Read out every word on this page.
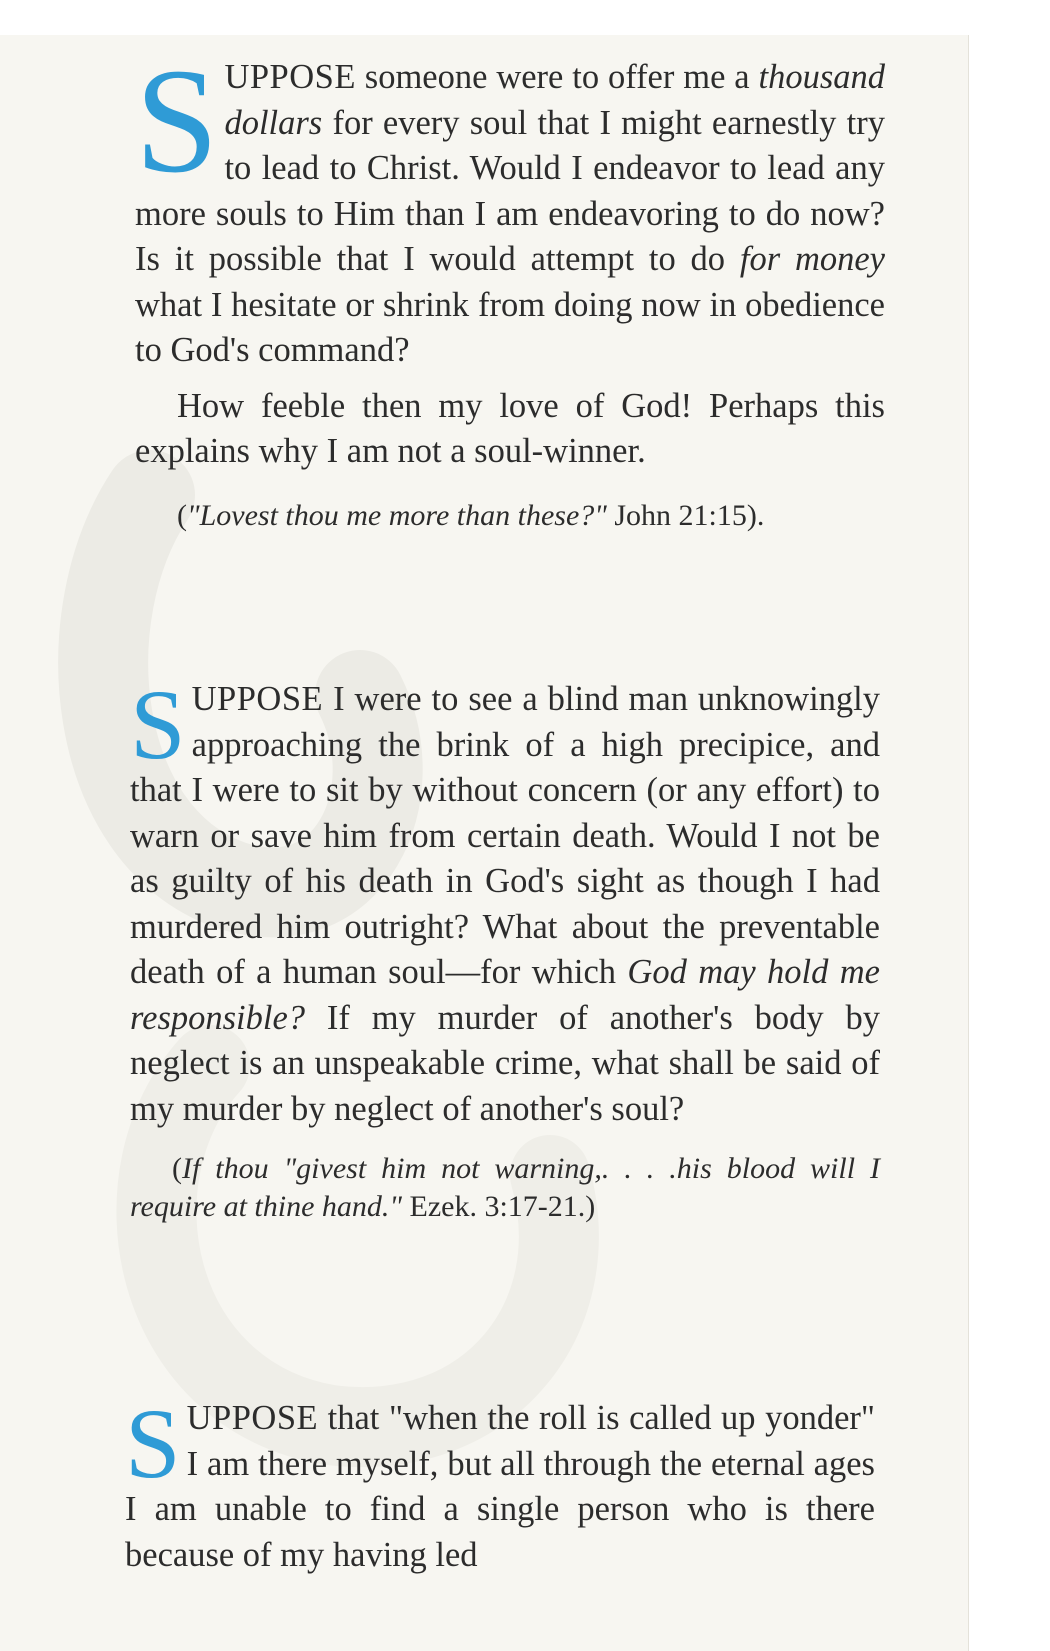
SUPPOSE someone were to offer me a thousand dollars for every soul that I might earnestly try to lead to Christ. Would I endeavor to lead any more souls to Him than I am endeavoring to do now? Is it possible that I would attempt to do for money what I hesitate or shrink from doing now in obedience to God's command?

How feeble then my love of God! Perhaps this explains why I am not a soul-winner.

("Lovest thou me more than these?" John 21:15).

SUPPOSE I were to see a blind man unknowingly approaching the brink of a high precipice, and that I were to sit by without concern (or any effort) to warn or save him from certain death. Would I not be as guilty of his death in God's sight as though I had murdered him outright? What about the preventable death of a human soul—for which God may hold me responsible? If my murder of another's body by neglect is an unspeakable crime, what shall be said of my murder by neglect of another's soul?

(If thou "givest him not warning,. . . .his blood will I require at thine hand." Ezek. 3:17-21.)

SUPPOSE that "when the roll is called up yonder" I am there myself, but all through the eternal ages I am unable to find a single person who is there because of my having led
